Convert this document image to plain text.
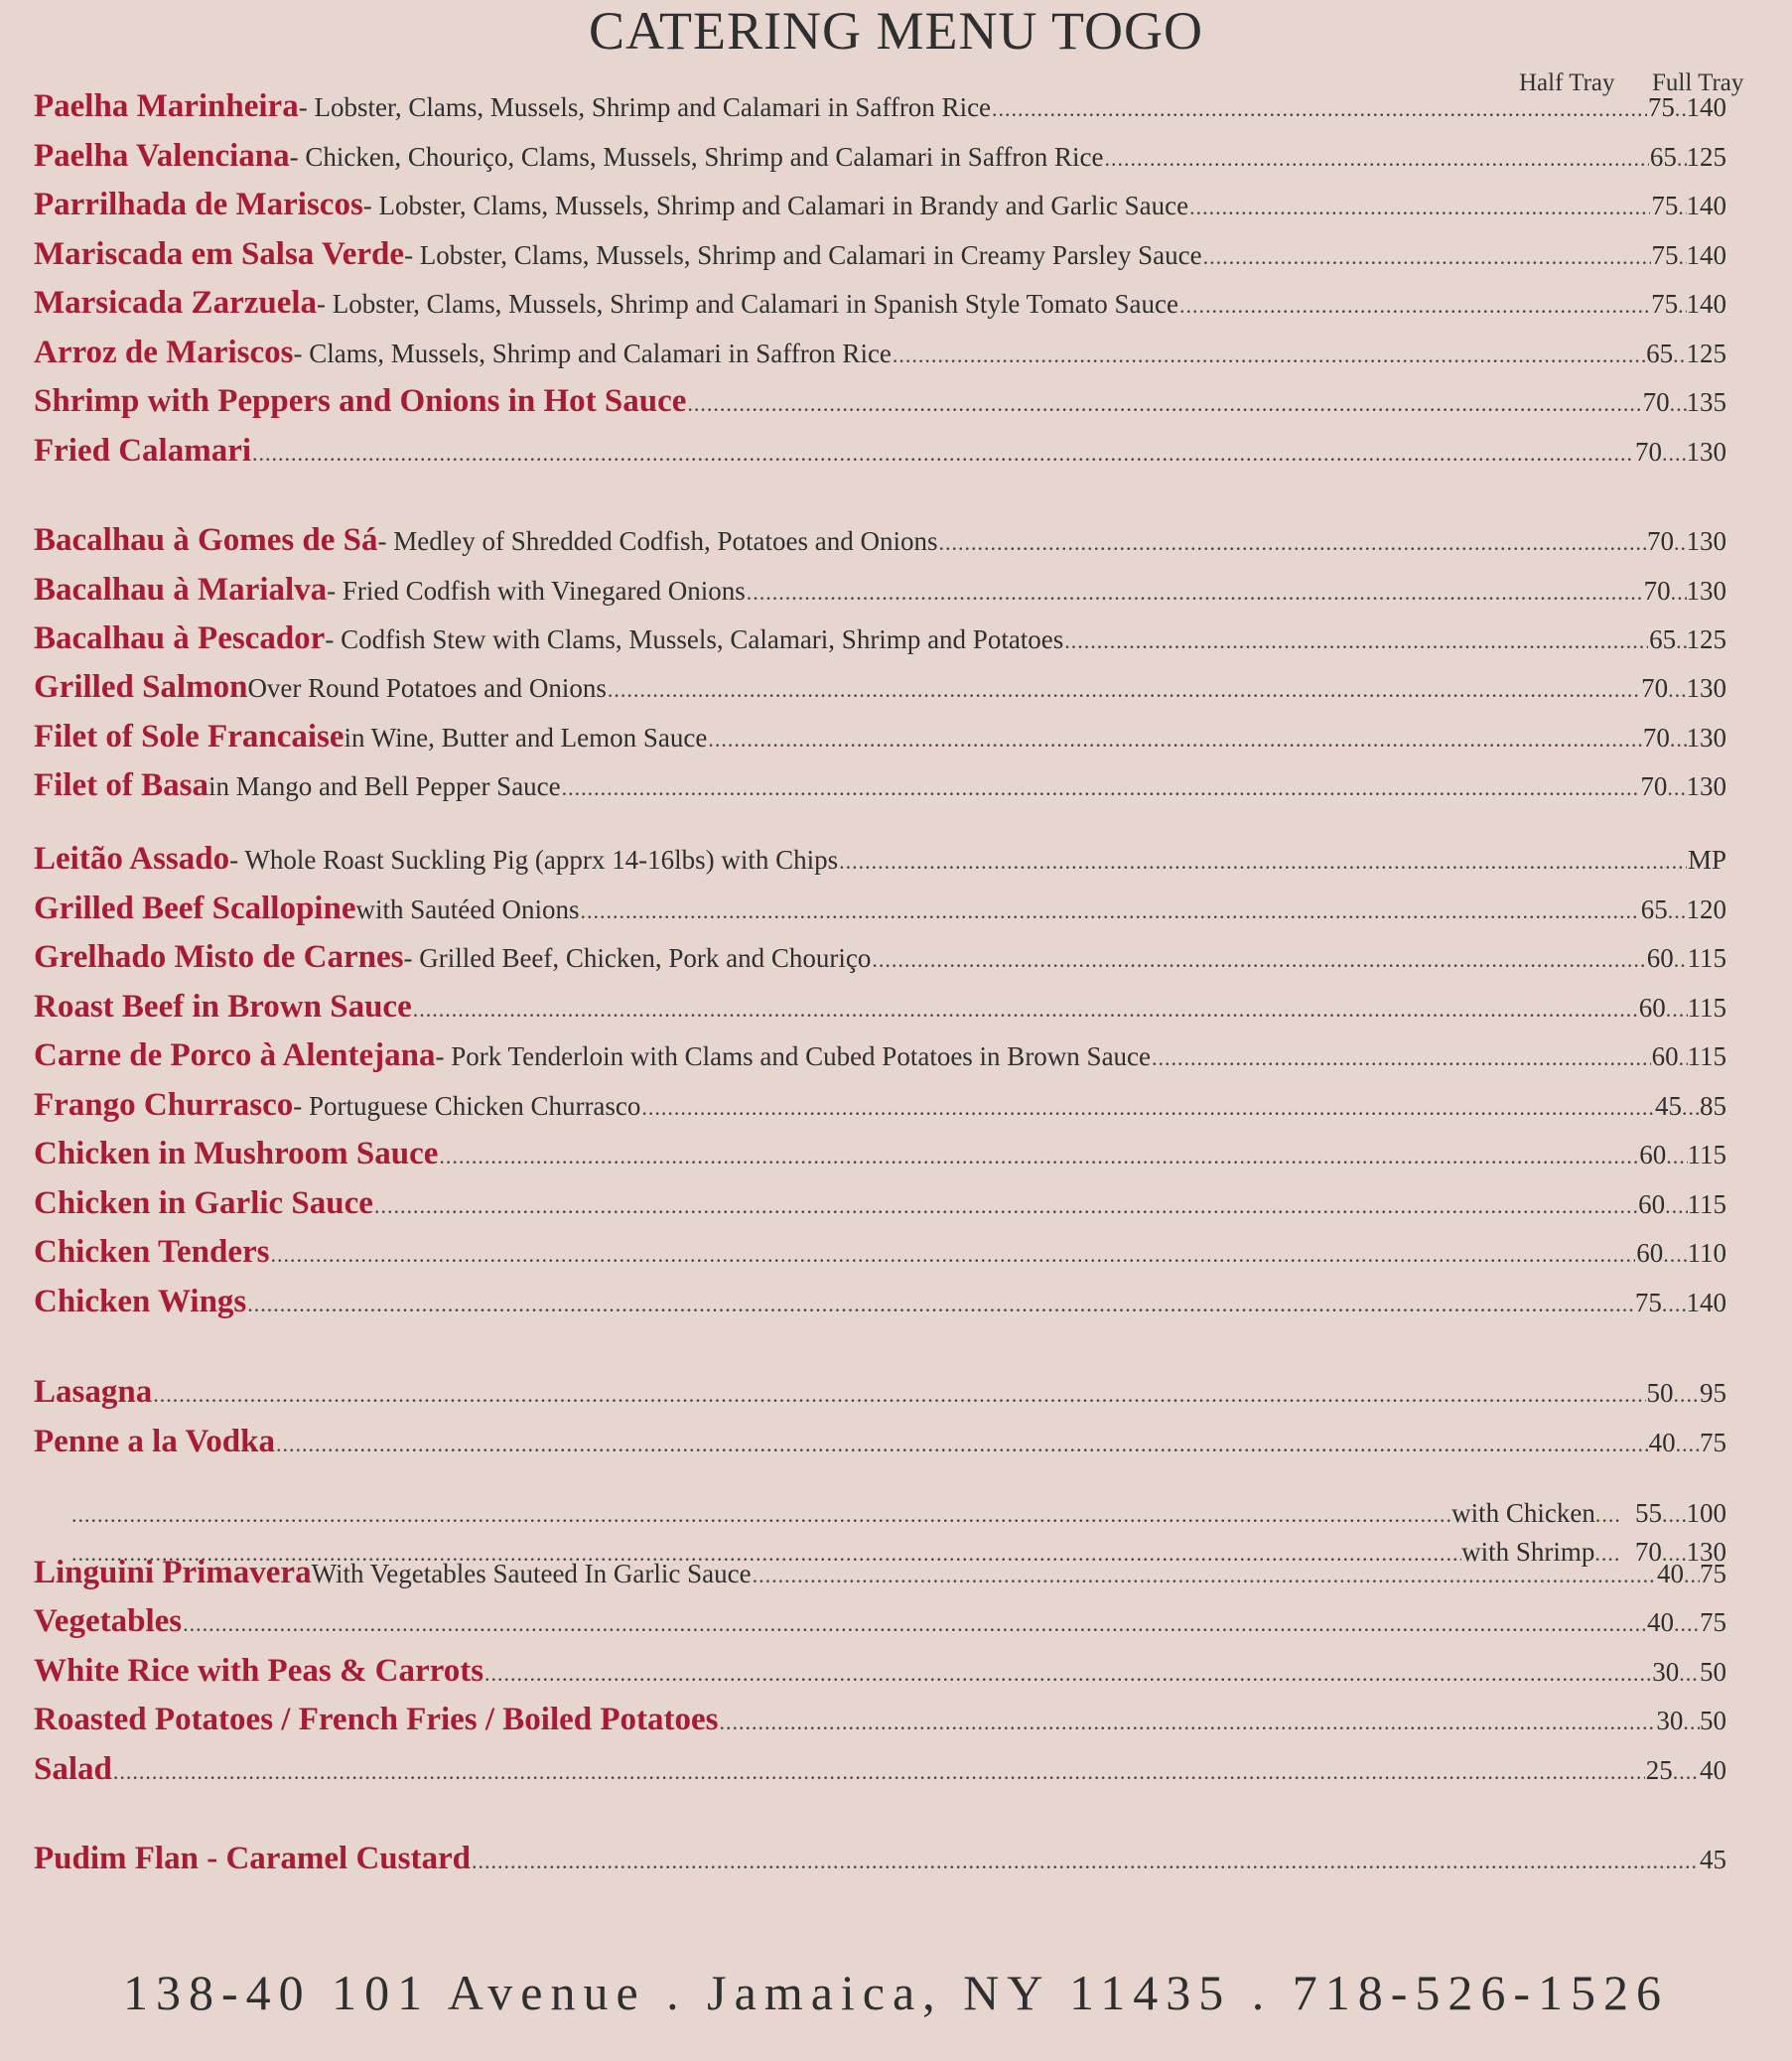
CATERING MENU TOGO
Half Tray Full Tray
Paelha Marinheira - Lobster, Clams, Mussels, Shrimp and Calamari in Saffron Rice .....	75 ..... 140
Paelha Valenciana - Chicken, Chouriço, Clams, Mussels, Shrimp and Calamari in Saffron Rice .....	65 ..... 125
Parrilhada de Mariscos - Lobster, Clams, Mussels, Shrimp and Calamari in Brandy and Garlic Sauce .....	75 ..... 140
Mariscada em Salsa Verde - Lobster, Clams, Mussels, Shrimp and Calamari in Creamy Parsley Sauce .....	75 ..... 140
Marsicada Zarzuela - Lobster, Clams, Mussels, Shrimp and Calamari in Spanish Style Tomato Sauce .....	75 ..... 140
Arroz de Mariscos - Clams, Mussels, Shrimp and Calamari in Saffron Rice .....	65 ..... 125
Shrimp with Peppers and Onions in Hot Sauce .....	70 ..... 135
Fried Calamari .....	70 ..... 130
Bacalhau à Gomes de Sá - Medley of Shredded Codfish, Potatoes and Onions .....	70 ..... 130
Bacalhau à Marialva - Fried Codfish with Vinegared Onions .....	70 ..... 130
Bacalhau à Pescador - Codfish Stew with Clams, Mussels, Calamari, Shrimp and Potatoes .....	65 ..... 125
Grilled Salmon Over Round Potatoes and Onions .....	70 ..... 130
Filet of Sole Francaise in Wine, Butter and Lemon Sauce .....	70 ..... 130
Filet of Basa in Mango and Bell Pepper Sauce .....	70 ..... 130
Leitão Assado - Whole Roast Suckling Pig (apprx 14-16lbs) with Chips .....	MP
Grilled Beef Scallopine with Sautéed Onions .....	65 ..... 120
Grelhado Misto de Carnes - Grilled Beef, Chicken, Pork and Chouriço .....	60 ..... 115
Roast Beef in Brown Sauce .....	60 ..... 115
Carne de Porco à Alentejana - Pork Tenderloin with Clams and Cubed Potatoes in Brown Sauce .....	60 ..... 115
Frango Churrasco - Portuguese Chicken Churrasco .....	45 ..... 85
Chicken in Mushroom Sauce .....	60 ..... 115
Chicken in Garlic Sauce .....	60 ..... 115
Chicken Tenders .....	60 ..... 110
Chicken Wings .....	75 ..... 140
Lasagna .....	50 ..... 95
Penne a la Vodka .....	40 ..... 75
.....
with Chicken ..... 55 ..... 100
.....
with Shrimp ..... 70 ..... 130
Linguini Primavera With Vegetables Sauteed In Garlic Sauce .....	40 ..... 75
Vegetables .....	40 ..... 75
White Rice with Peas & Carrots .....	30 ..... 50
Roasted Potatoes / French Fries / Boiled Potatoes .....	30 ..... 50
Salad .....	25 ..... 40
Pudim Flan - Caramel Custard .....	45
138-40 101 Avenue . Jamaica, NY 11435 . 718-526-1526
